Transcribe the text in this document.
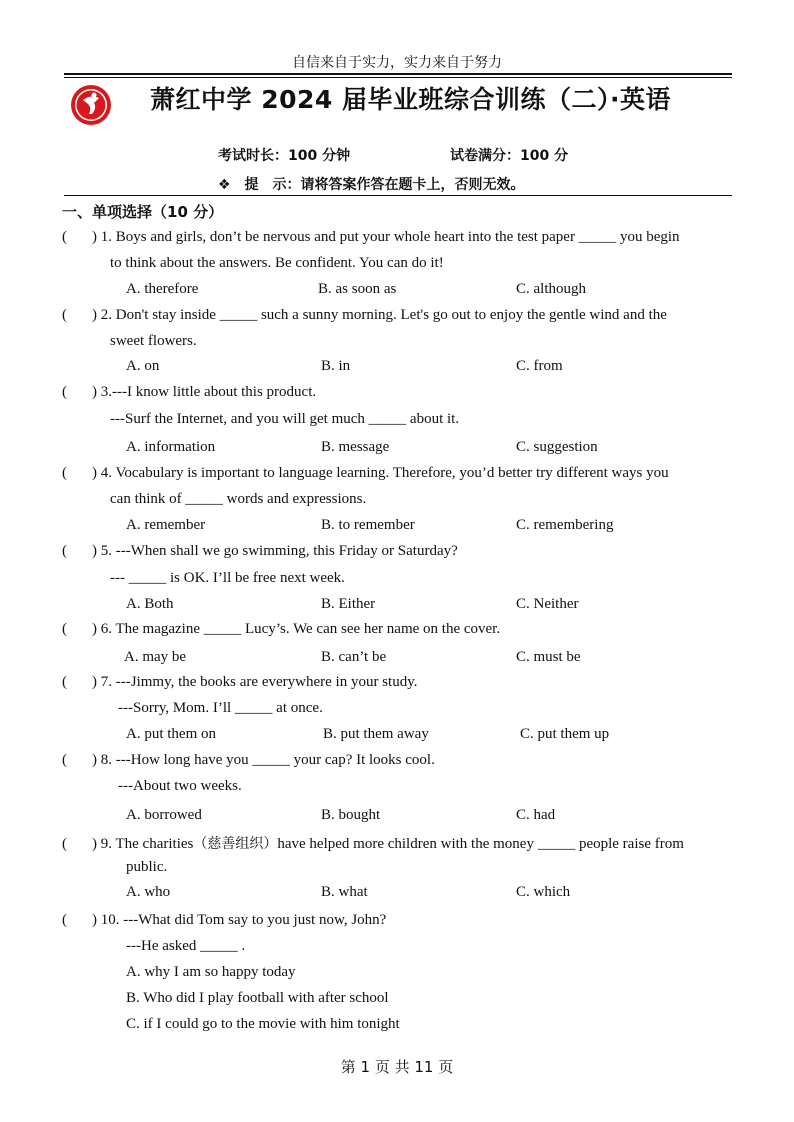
自信来自于实力，实力来自于努力
萧红中学 2024 届毕业班综合训练（二）·英语
考试时长：100 分钟	试卷满分：100 分
❖　提　示：请将答案作答在题卡上，否则无效。
一、单项选择（10 分）
( ) 1. Boys and girls, don’t be nervous and put your whole heart into the test paper _____ you begin
to think about the answers. Be confident. You can do it!
A. therefore	B. as soon as	C. although
( ) 2. Don't stay inside _____ such a sunny morning. Let's go out to enjoy the gentle wind and the
sweet flowers.
A. on	B. in	C. from
( ) 3.---I know little about this product.
---Surf the Internet, and you will get much _____ about it.
A. information	B. message	C. suggestion
( ) 4. Vocabulary is important to language learning. Therefore, you’d better try different ways you
can think of _____ words and expressions.
A. remember	B. to remember	C. remembering
( ) 5. ---When shall we go swimming, this Friday or Saturday?
--- _____ is OK. I’ll be free next week.
A. Both	B. Either	C. Neither
( ) 6. The magazine _____ Lucy’s. We can see her name on the cover.
A. may be	B. can’t be	C. must be
( ) 7. ---Jimmy, the books are everywhere in your study.
---Sorry, Mom. I’ll _____ at once.
A. put them on	B. put them away	C. put them up
( ) 8. ---How long have you _____ your cap? It looks cool.
---About two weeks.
A. borrowed	B. bought	C. had
( ) 9. The charities（慈善组织）have helped more children with the money _____ people raise from
public.
A. who	B. what	C. which
( ) 10. ---What did Tom say to you just now, John?
---He asked _____ .
A. why I am so happy today
B. Who did I play football with after school
C. if I could go to the movie with him tonight
第 1 页 共 11 页
